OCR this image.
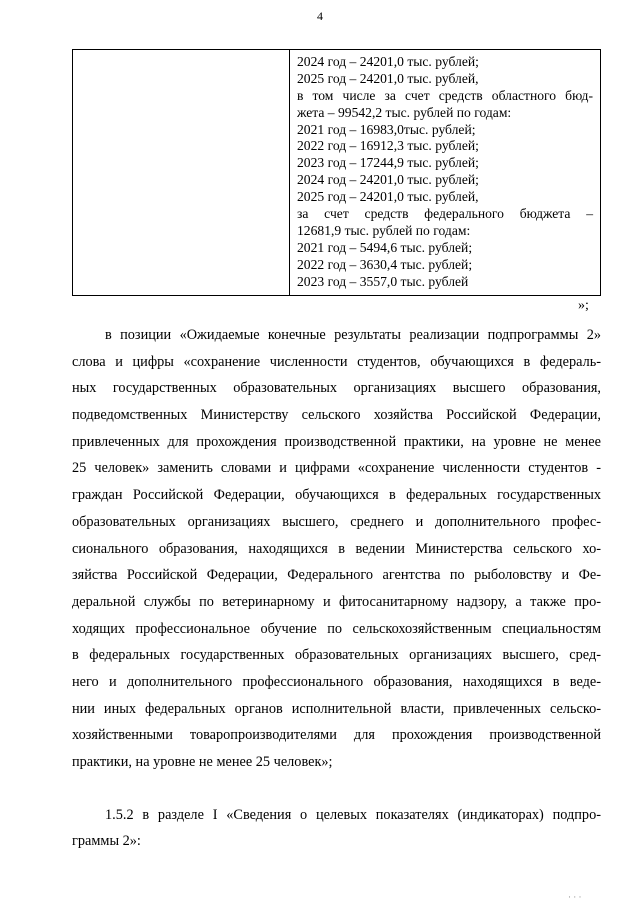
4
2024 год – 24201,0 тыс. рублей;
2025 год – 24201,0 тыс. рублей,
в том числе за счет средств областного бюд-
жета – 99542,2 тыс. рублей по годам:
2021 год – 16983,0тыс. рублей;
2022 год – 16912,3 тыс. рублей;
2023 год – 17244,9 тыс. рублей;
2024 год – 24201,0 тыс. рублей;
2025 год – 24201,0 тыс. рублей,
за счет средств федерального бюджета –
12681,9 тыс. рублей по годам:
2021 год – 5494,6 тыс. рублей;
2022 год – 3630,4 тыс. рублей;
2023 год – 3557,0 тыс. рублей
»;
в позиции «Ожидаемые конечные результаты реализации подпрограммы 2»
слова и цифры «сохранение численности студентов, обучающихся в федераль-
ных государственных образовательных организациях высшего образования,
подведомственных Министерству сельского хозяйства Российской Федерации,
привлеченных для прохождения производственной практики, на уровне не менее
25 человек» заменить словами и цифрами «сохранение численности студентов -
граждан Российской Федерации, обучающихся в федеральных государственных
образовательных организациях высшего, среднего и дополнительного профес-
сионального образования, находящихся в ведении Министерства сельского хо-
зяйства Российской Федерации, Федерального агентства по рыболовству и Фе-
деральной службы по ветеринарному и фитосанитарному надзору, а также про-
ходящих профессиональное обучение по сельскохозяйственным специальностям
в федеральных государственных образовательных организациях высшего, сред-
него и дополнительного профессионального образования, находящихся в веде-
нии иных федеральных органов исполнительной власти, привлеченных сельско-
хозяйственными товаропроизводителями для прохождения производственной
практики, на уровне не менее 25 человек»;
1.5.2 в разделе I «Сведения о целевых показателях (индикаторах) подпро-
граммы 2»:
· · ·
